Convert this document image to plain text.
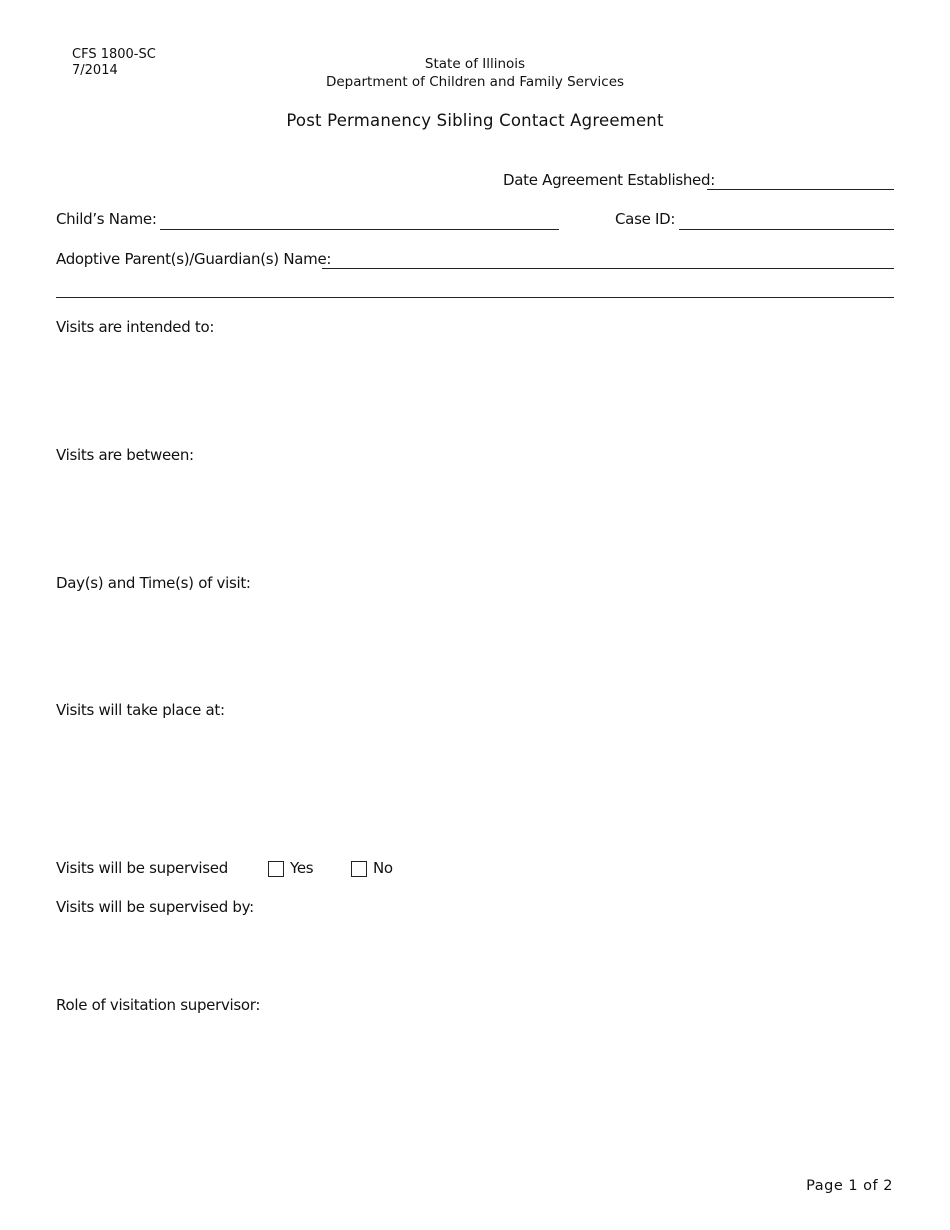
CFS 1800-SC
7/2014	State of Illinois
Department of Children and Family Services
Post Permanency Sibling Contact Agreement
Date Agreement Established:
Child’s Name:	Case ID:
Adoptive Parent(s)/Guardian(s) Name:
Visits are intended to:
Visits are between:
Day(s) and Time(s) of visit:
Visits will take place at:
Visits will be supervised	Yes	No
Visits will be supervised by:
Role of visitation supervisor:
Page 1 of 2
